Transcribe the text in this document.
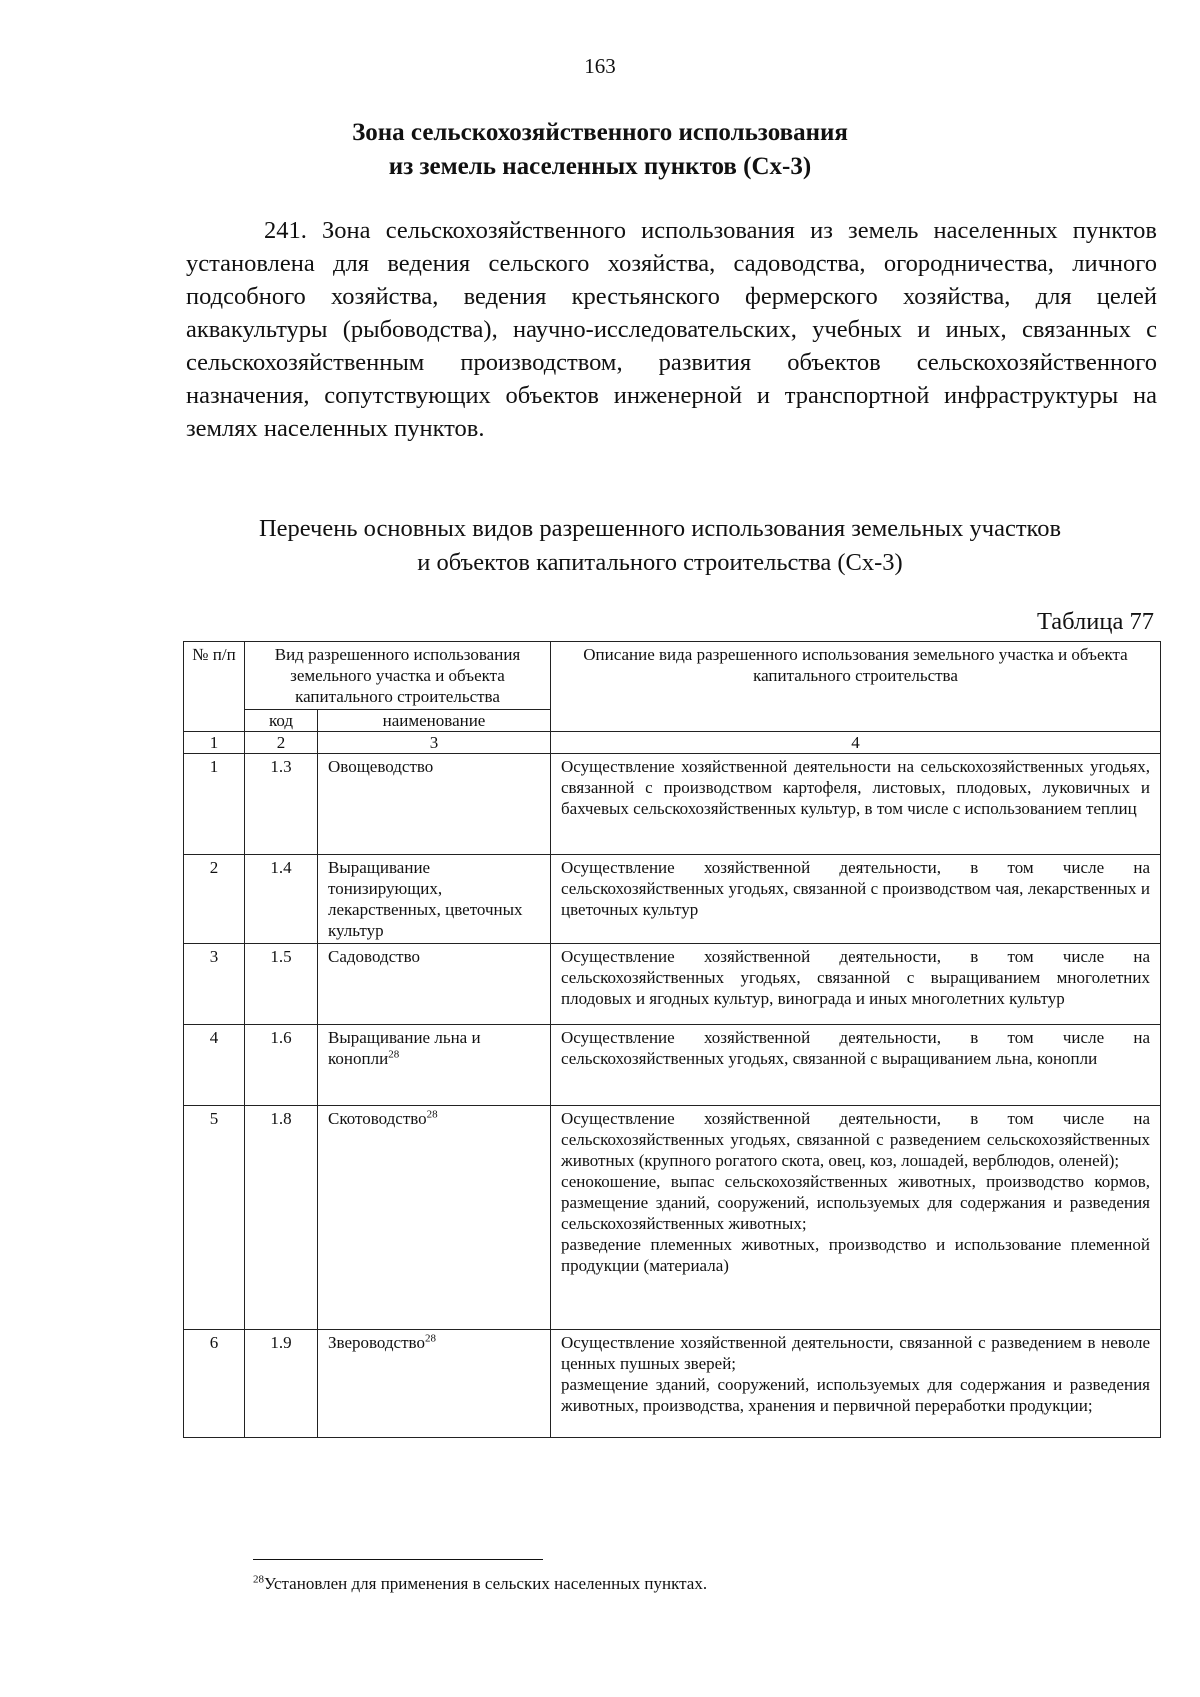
163
Зона сельскохозяйственного использования
из земель населенных пунктов (Сх-3)
241. Зона сельскохозяйственного использования из земель населенных пунктов установлена для ведения сельского хозяйства, садоводства, огородничества, личного подсобного хозяйства, ведения крестьянского фермерского хозяйства, для целей аквакультуры (рыбоводства), научно-исследовательских, учебных и иных, связанных с сельскохозяйственным производством, развития объектов сельскохозяйственного назначения, сопутствующих объектов инженерной и транспортной инфраструктуры на землях населенных пунктов.
Перечень основных видов разрешенного использования земельных участков
и объектов капитального строительства (Сх-3)
Таблица 77
№ п/п	Вид разрешенного использования земельного участка и объекта капитального строительства		Описание вида разрешенного использования земельного участка и объекта капитального строительства
	код	наименование	
1	2	3	4
1	1.3	Овощеводство	Осуществление хозяйственной деятельности на сельскохозяйственных угодьях, связанной с производством картофеля, листовых, плодовых, луковичных и бахчевых сельскохозяйственных культур, в том числе с использованием теплиц

2	1.4	Выращивание тонизирующих, лекарственных, цветочных культур	Осуществление хозяйственной деятельности, в том числе на сельскохозяйственных угодьях, связанной с производством чая, лекарственных и цветочных культур

3	1.5	Садоводство	Осуществление хозяйственной деятельности, в том числе на сельскохозяйственных угодьях, связанной с выращиванием многолетних плодовых и ягодных культур, винограда и иных многолетних культур

4	1.6	Выращивание льна и конопли$^{28}$	Осуществление хозяйственной деятельности, в том числе на сельскохозяйственных угодьях, связанной с выращиванием льна, конопли

5	1.8	Скотоводство$^{28}$	Осуществление хозяйственной деятельности, в том числе на сельскохозяйственных угодьях, связанной с разведением сельскохозяйственных животных (крупного рогатого скота, овец, коз, лошадей, верблюдов, оленей);
сенокошение, выпас сельскохозяйственных животных, производство кормов, размещение зданий, сооружений, используемых для содержания и разведения сельскохозяйственных животных;
разведение племенных животных, производство и использование племенной продукции (материала)

6	1.9	Звероводство$^{28}$	Осуществление хозяйственной деятельности, связанной с разведением в неволе ценных пушных зверей;
размещение зданий, сооружений, используемых для содержания и разведения животных, производства, хранения и первичной переработки продукции;
$^{28}$Установлен для применения в сельских населенных пунктах.
